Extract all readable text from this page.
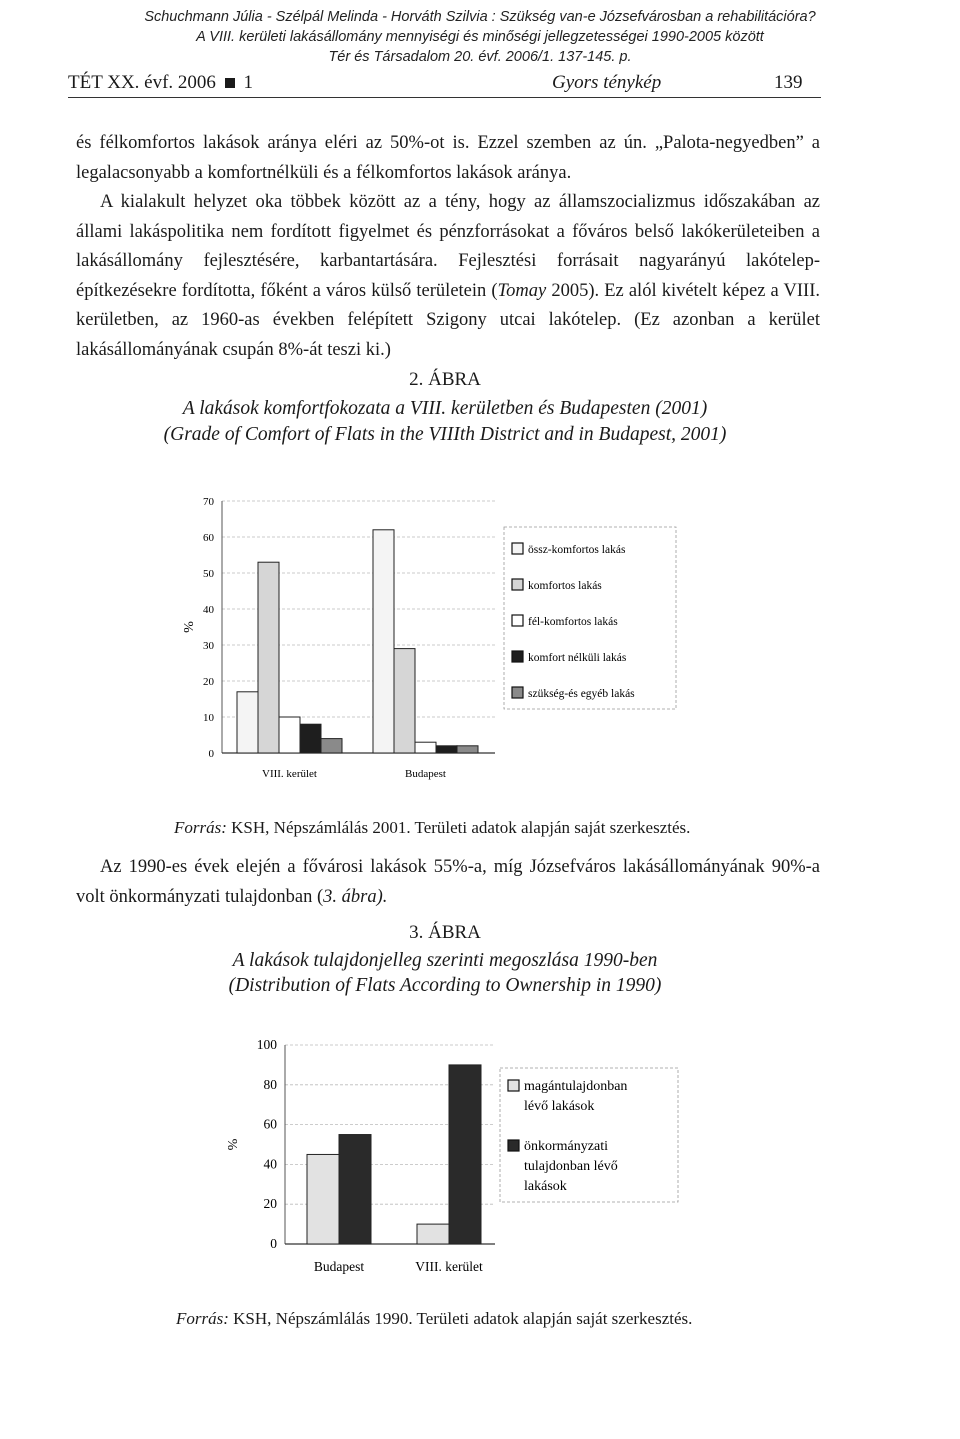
Schuchmann Júlia - Szélpál Melinda - Horváth Szilvia : Szükség van-e Józsefvárosban a rehabilitációra?
A VIII. kerületi lakásállomány mennyiségi és minőségi jellegzetességei 1990-2005 között
Tér és Társadalom 20. évf. 2006/1. 137-145. p.
TÉT XX. évf. 2006 1	Gyors ténykép	139

és félkomfortos lakások aránya eléri az 50%-ot is. Ezzel szemben az ún. „Palota-negyedben” a legalacsonyabb a komfortnélküli és a félkomfortos lakások aránya.

A kialakult helyzet oka többek között az a tény, hogy az államszocializmus időszakában az állami lakáspolitika nem fordított figyelmet és pénzforrásokat a főváros belső lakókerületeiben a lakásállomány fejlesztésére, karbantartására. Fejlesztési forrásait nagyarányú lakótelep-építkezésekre fordította, főként a város külső területein (Tomay 2005). Ez alól kivételt képez a VIII. kerületben, az 1960-as években felépített Szigony utcai lakótelep. (Ez azonban a kerület lakásállományának csupán 8%-át teszi ki.)

2. ÁBRA
A lakások komfortfokozata a VIII. kerületben és Budapesten (2001)
(Grade of Comfort of Flats in the VIIIth District and in Budapest, 2001)
%
0
10
20
30
40
50
60
70
VIII. kerület	Budapest
össz-komfortos lakás
komfortos lakás
fél-komfortos lakás
komfort nélküli lakás
szükség-és egyéb lakás
Forrás: KSH, Népszámlálás 2001. Területi adatok alapján saját szerkesztés.

Az 1990-es évek elején a fővárosi lakások 55%-a, míg Józsefváros lakásállományának 90%-a volt önkormányzati tulajdonban (3. ábra).

3. ÁBRA
A lakások tulajdonjelleg szerinti megoszlása 1990-ben
(Distribution of Flats According to Ownership in 1990)
%
0
20
40
60
80
100
Budapest	VIII. kerület
magántulajdonban
lévő lakások
önkormányzati
tulajdonban lévő
lakások
Forrás: KSH, Népszámlálás 1990. Területi adatok alapján saját szerkesztés.
